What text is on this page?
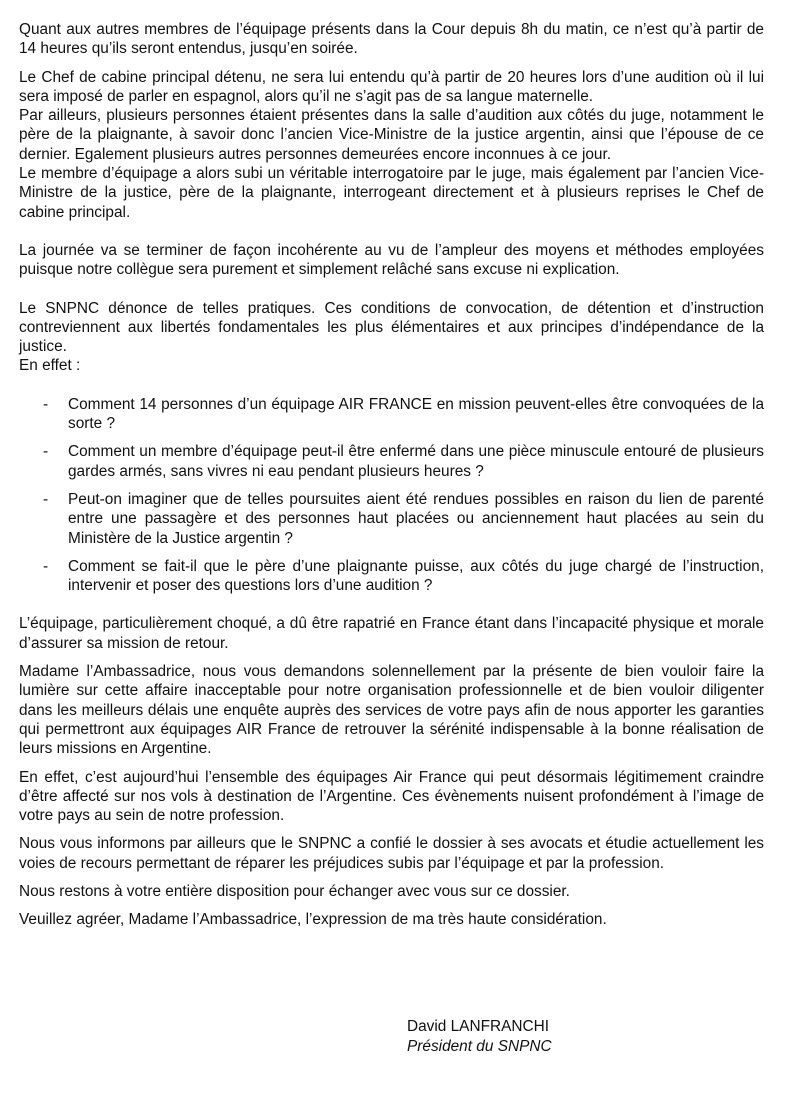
Quant aux autres membres de l’équipage présents dans la Cour depuis 8h du matin, ce n’est qu’à partir de 14 heures qu’ils seront entendus, jusqu’en soirée.

Le Chef de cabine principal détenu, ne sera lui entendu qu’à partir de 20 heures lors d’une audition où il lui sera imposé de parler en espagnol, alors qu’il ne s’agit pas de sa langue maternelle.

Par ailleurs, plusieurs personnes étaient présentes dans la salle d’audition aux côtés du juge, notamment le père de la plaignante, à savoir donc l’ancien Vice-Ministre de la justice argentin, ainsi que l’épouse de ce dernier. Egalement plusieurs autres personnes demeurées encore inconnues à ce jour.

Le membre d’équipage a alors subi un véritable interrogatoire par le juge, mais également par l’ancien Vice-Ministre de la justice, père de la plaignante, interrogeant directement et à plusieurs reprises le Chef de cabine principal.

La journée va se terminer de façon incohérente au vu de l’ampleur des moyens et méthodes employées puisque notre collègue sera purement et simplement relâché sans excuse ni explication.

Le SNPNC dénonce de telles pratiques. Ces conditions de convocation, de détention et d’instruction contreviennent aux libertés fondamentales les plus élémentaires et aux principes d’indépendance de la justice.

En effet :

- Comment 14 personnes d’un équipage AIR FRANCE en mission peuvent-elles être convoquées de la sorte ?
- Comment un membre d’équipage peut-il être enfermé dans une pièce minuscule entouré de plusieurs gardes armés, sans vivres ni eau pendant plusieurs heures ?
- Peut-on imaginer que de telles poursuites aient été rendues possibles en raison du lien de parenté entre une passagère et des personnes haut placées ou anciennement haut placées au sein du Ministère de la Justice argentin ?
- Comment se fait-il que le père d’une plaignante puisse, aux côtés du juge chargé de l’instruction, intervenir et poser des questions lors d’une audition ?

L’équipage, particulièrement choqué, a dû être rapatrié en France étant dans l’incapacité physique et morale d’assurer sa mission de retour.

Madame l’Ambassadrice, nous vous demandons solennellement par la présente de bien vouloir faire la lumière sur cette affaire inacceptable pour notre organisation professionnelle et de bien vouloir diligenter dans les meilleurs délais une enquête auprès des services de votre pays afin de nous apporter les garanties qui permettront aux équipages AIR France de retrouver la sérénité indispensable à la bonne réalisation de leurs missions en Argentine.

En effet, c’est aujourd’hui l’ensemble des équipages Air France qui peut désormais légitimement craindre d’être affecté sur nos vols à destination de l’Argentine. Ces évènements nuisent profondément à l’image de votre pays au sein de notre profession.

Nous vous informons par ailleurs que le SNPNC a confié le dossier à ses avocats et étudie actuellement les voies de recours permettant de réparer les préjudices subis par l’équipage et par la profession.

Nous restons à votre entière disposition pour échanger avec vous sur ce dossier.

Veuillez agréer, Madame l’Ambassadrice, l’expression de ma très haute considération.

David LANFRANCHI
Président du SNPNC
